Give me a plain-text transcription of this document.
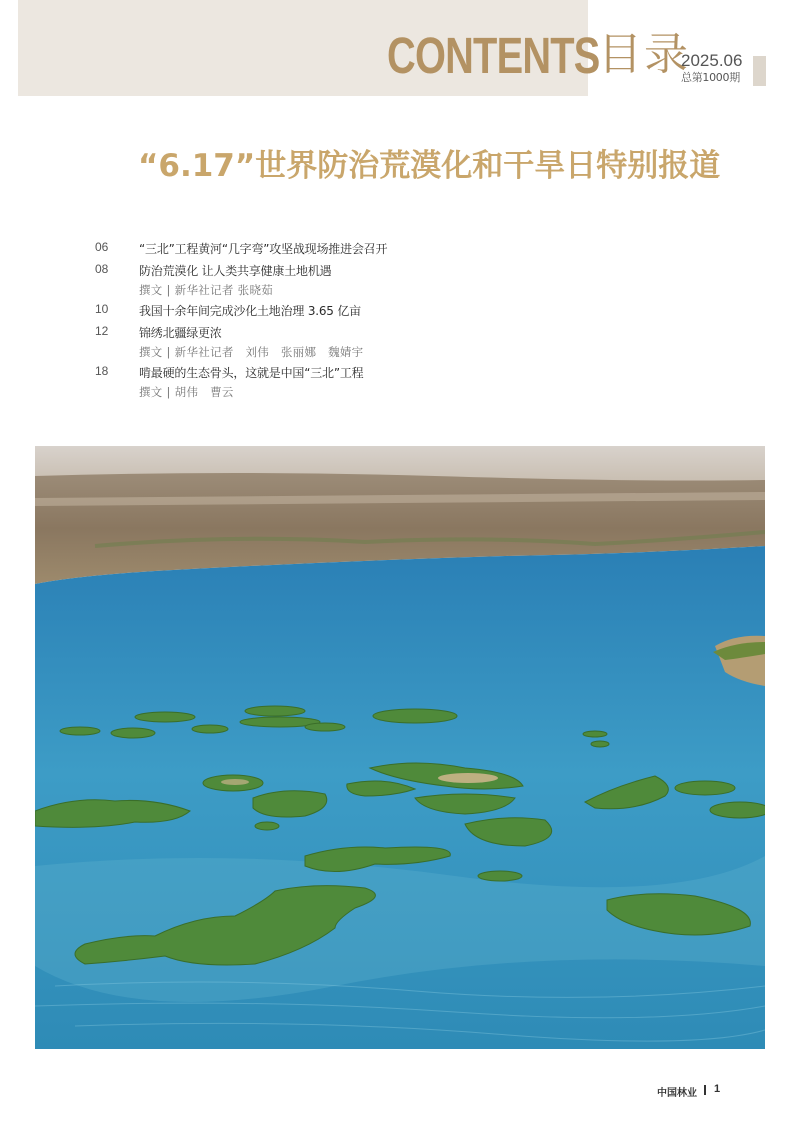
CONTENTS
目录
2025.06
总第1000期
“6.17”世界防治荒漠化和干旱日特别报道
06	“三北”工程黄河“几字弯”攻坚战现场推进会召开
08	防治荒漠化 让人类共享健康土地机遇
撰文 | 新华社记者 张晓茹
10	我国十余年间完成沙化土地治理 3.65 亿亩
12	锦绣北疆绿更浓
撰文 | 新华社记者　刘伟　张丽娜　魏婧宇
18	啃最硬的生态骨头，这就是中国“三北”工程
撰文 | 胡伟　曹云
中国林业 1
